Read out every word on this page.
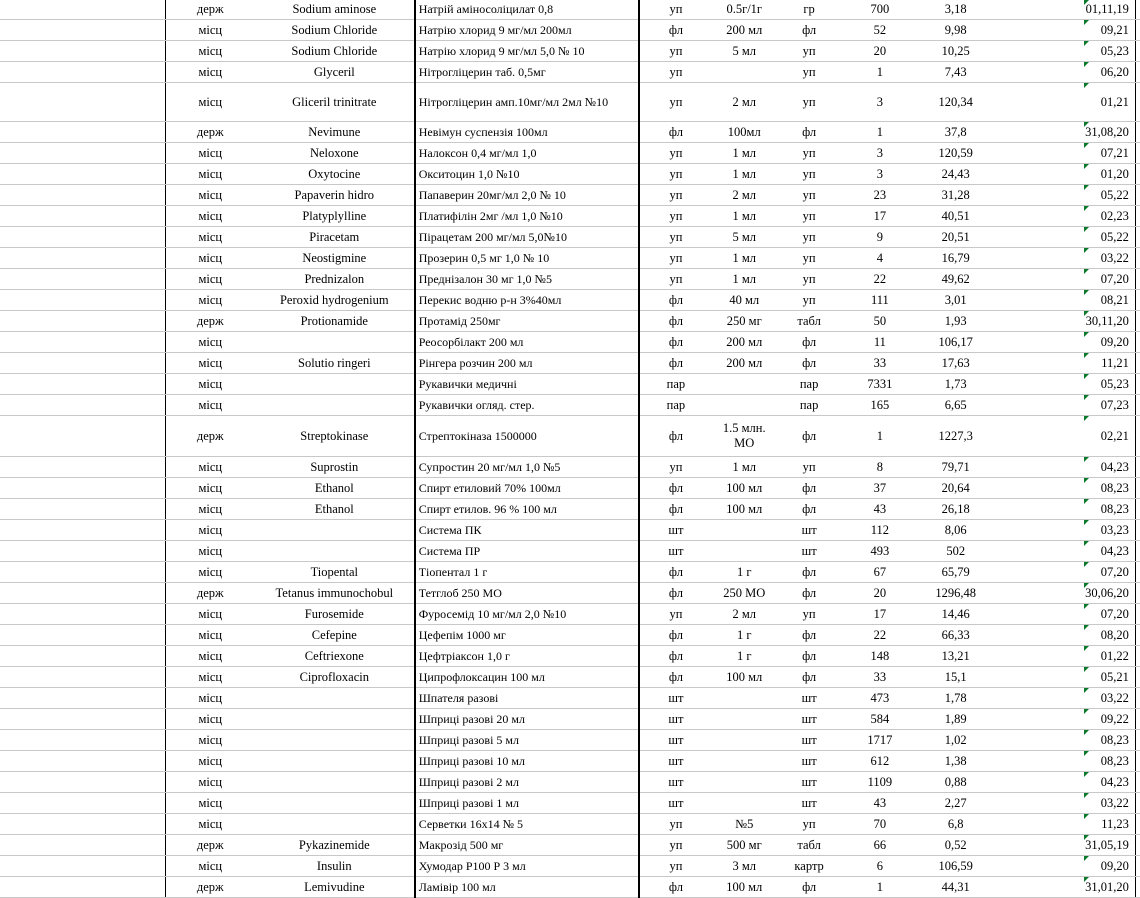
	держ	Sodium aminose	Натрій аміносоліцилат 0,8	уп	0.5г/1г	гр	700	3,18		01,11,19	
	місц	Sodium Chloride	Натрію хлорид 9 мг/мл 200мл	фл	200 мл	фл	52	9,98		09,21	
	місц	Sodium Chloride	Натрію хлорид 9 мг/мл 5,0 № 10	уп	5 мл	уп	20	10,25		05,23	
	місц	Glyceril	Нітрогліцерин таб. 0,5мг	уп		уп	1	7,43		06,20	
	місц	Gliceril trinitrate	Нітрогліцерин амп.10мг/мл 2мл №10	уп	2 мл	уп	3	120,34		01,21	
	держ	Nevimune	Невімун суспензія 100мл	фл	100мл	фл	1	37,8		31,08,20	
	місц	Neloxone	Налоксон 0,4 мг/мл 1,0	уп	1 мл	уп	3	120,59		07,21	
	місц	Oxytocine	Окситоцин 1,0 №10	уп	1 мл	уп	3	24,43		01,20	
	місц	Papaverin hidro	Папаверин 20мг/мл 2,0 № 10	уп	2 мл	уп	23	31,28		05,22	
	місц	Platyplylline	Платифілін 2мг /мл 1,0 №10	уп	1 мл	уп	17	40,51		02,23	
	місц	Piracetam	Пірацетам 200 мг/мл 5,0№10	уп	5 мл	уп	9	20,51		05,22	
	місц	Neostigmine	Прозерин 0,5 мг 1,0 № 10	уп	1 мл	уп	4	16,79		03,22	
	місц	Prednizalon	Преднізалон 30 мг 1,0 №5	уп	1 мл	уп	22	49,62		07,20	
	місц	Peroxid hydrogenium	Перекис водню р-н 3%40мл	фл	40 мл	уп	111	3,01		08,21	
	держ	Protionamide	Протамід 250мг	фл	250 мг	табл	50	1,93		30,11,20	
	місц		Реосорбілакт 200 мл	фл	200 мл	фл	11	106,17		09,20	
	місц	Solutio ringeri	Рінгера розчин 200 мл	фл	200 мл	фл	33	17,63		11,21	
	місц		Рукавички медичні	пар		пар	7331	1,73		05,23	
	місц		Рукавички огляд. стер.	пар		пар	165	6,65		07,23	
	держ	Streptokinase	Стрептокіназа 1500000	фл	1.5 млн. МО	фл	1	1227,3		02,21	
	місц	Suprostin	Супростин 20 мг/мл 1,0 №5	уп	1 мл	уп	8	79,71		04,23	
	місц	Ethanol	Спирт етиловий 70% 100мл	фл	100 мл	фл	37	20,64		08,23	
	місц	Ethanol	Спирт етилов. 96 % 100 мл	фл	100 мл	фл	43	26,18		08,23	
	місц		Система ПК	шт		шт	112	8,06		03,23	
	місц		Система ПР	шт		шт	493	502		04,23	
	місц	Tiopental	Тіопентал 1 г	фл	1 г	фл	67	65,79		07,20	
	держ	Tetanus immunochobul	Тетглоб 250 МО	фл	250 МО	фл	20	1296,48		30,06,20	
	місц	Furosemide	Фуросемід 10 мг/мл 2,0 №10	уп	2 мл	уп	17	14,46		07,20	
	місц	Cefepine	Цефепім 1000 мг	фл	1 г	фл	22	66,33		08,20	
	місц	Ceftriexone	Цефтріаксон 1,0 г	фл	1 г	фл	148	13,21		01,22	
	місц	Ciprofloxacin	Ципрофлоксацин 100 мл	фл	100 мл	фл	33	15,1		05,21	
	місц		Шпателя разові	шт		шт	473	1,78		03,22	
	місц		Шприці разові 20 мл	шт		шт	584	1,89		09,22	
	місц		Шприці разові 5 мл	шт		шт	1717	1,02		08,23	
	місц		Шприці разові 10 мл	шт		шт	612	1,38		08,23	
	місц		Шприці разові 2 мл	шт		шт	1109	0,88		04,23	
	місц		Шприці разові 1 мл	шт		шт	43	2,27		03,22	
	місц		Серветки 16х14 № 5	уп	№5	уп	70	6,8		11,23	
	держ	Pykazinemide	Макрозід 500 мг	уп	500 мг	табл	66	0,52		31,05,19	
	місц	Insulin	Хумодар Р100 Р 3 мл	уп	3 мл	картр	6	106,59		09,20	
	держ	Lemivudine	Ламівір 100 мл	фл	100 мл	фл	1	44,31		31,01,20	
